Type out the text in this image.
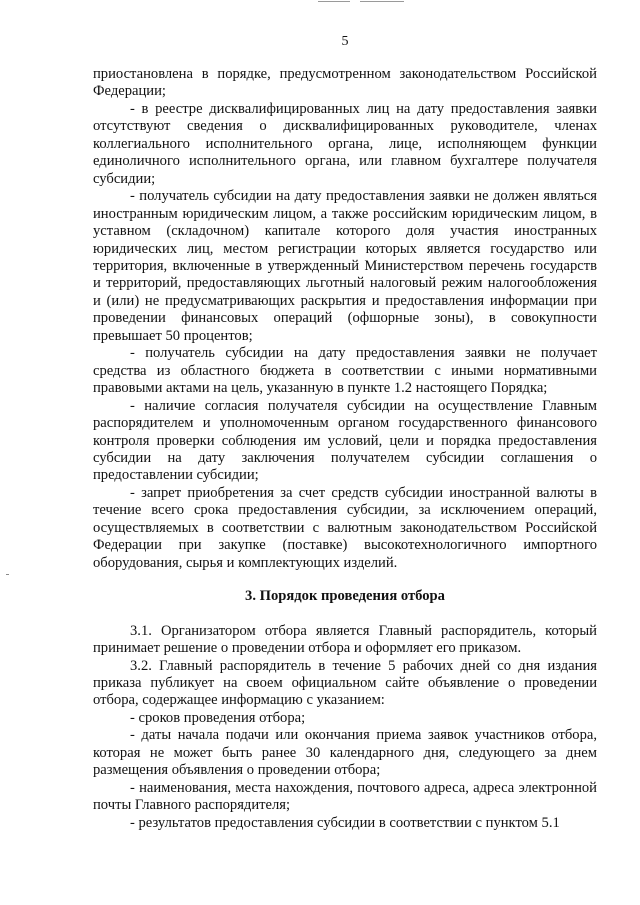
5

приостановлена в порядке, предусмотренном законодательством Российской Федерации;

- в реестре дисквалифицированных лиц на дату предоставления заявки отсутствуют сведения о дисквалифицированных руководителе, членах коллегиального исполнительного органа, лице, исполняющем функции единоличного исполнительного органа, или главном бухгалтере получателя субсидии;

- получатель субсидии на дату предоставления заявки не должен являться иностранным юридическим лицом, а также российским юридическим лицом, в уставном (складочном) капитале которого доля участия иностранных юридических лиц, местом регистрации которых является государство или территория, включенные в утвержденный Министерством перечень государств и территорий, предоставляющих льготный налоговый режим налогообложения и (или) не предусматривающих раскрытия и предоставления информации при проведении финансовых операций (офшорные зоны), в совокупности превышает 50 процентов;

- получатель субсидии на дату предоставления заявки не получает средства из областного бюджета в соответствии с иными нормативными правовыми актами на цель, указанную в пункте 1.2 настоящего Порядка;

- наличие согласия получателя субсидии на осуществление Главным распорядителем и уполномоченным органом государственного финансового контроля проверки соблюдения им условий, цели и порядка предоставления субсидии на дату заключения получателем субсидии соглашения о предоставлении субсидии;

- запрет приобретения за счет средств субсидии иностранной валюты в течение всего срока предоставления субсидии, за исключением операций, осуществляемых в соответствии с валютным законодательством Российской Федерации при закупке (поставке) высокотехнологичного импортного оборудования, сырья и комплектующих изделий.

3. Порядок проведения отбора

3.1. Организатором отбора является Главный распорядитель, который принимает решение о проведении отбора и оформляет его приказом.

3.2. Главный распорядитель в течение 5 рабочих дней со дня издания приказа публикует на своем официальном сайте объявление о проведении отбора, содержащее информацию с указанием:

- сроков проведения отбора;

- даты начала подачи или окончания приема заявок участников отбора, которая не может быть ранее 30 календарного дня, следующего за днем размещения объявления о проведении отбора;

- наименования, места нахождения, почтового адреса, адреса электронной почты Главного распорядителя;

- результатов предоставления субсидии в соответствии с пунктом 5.1
